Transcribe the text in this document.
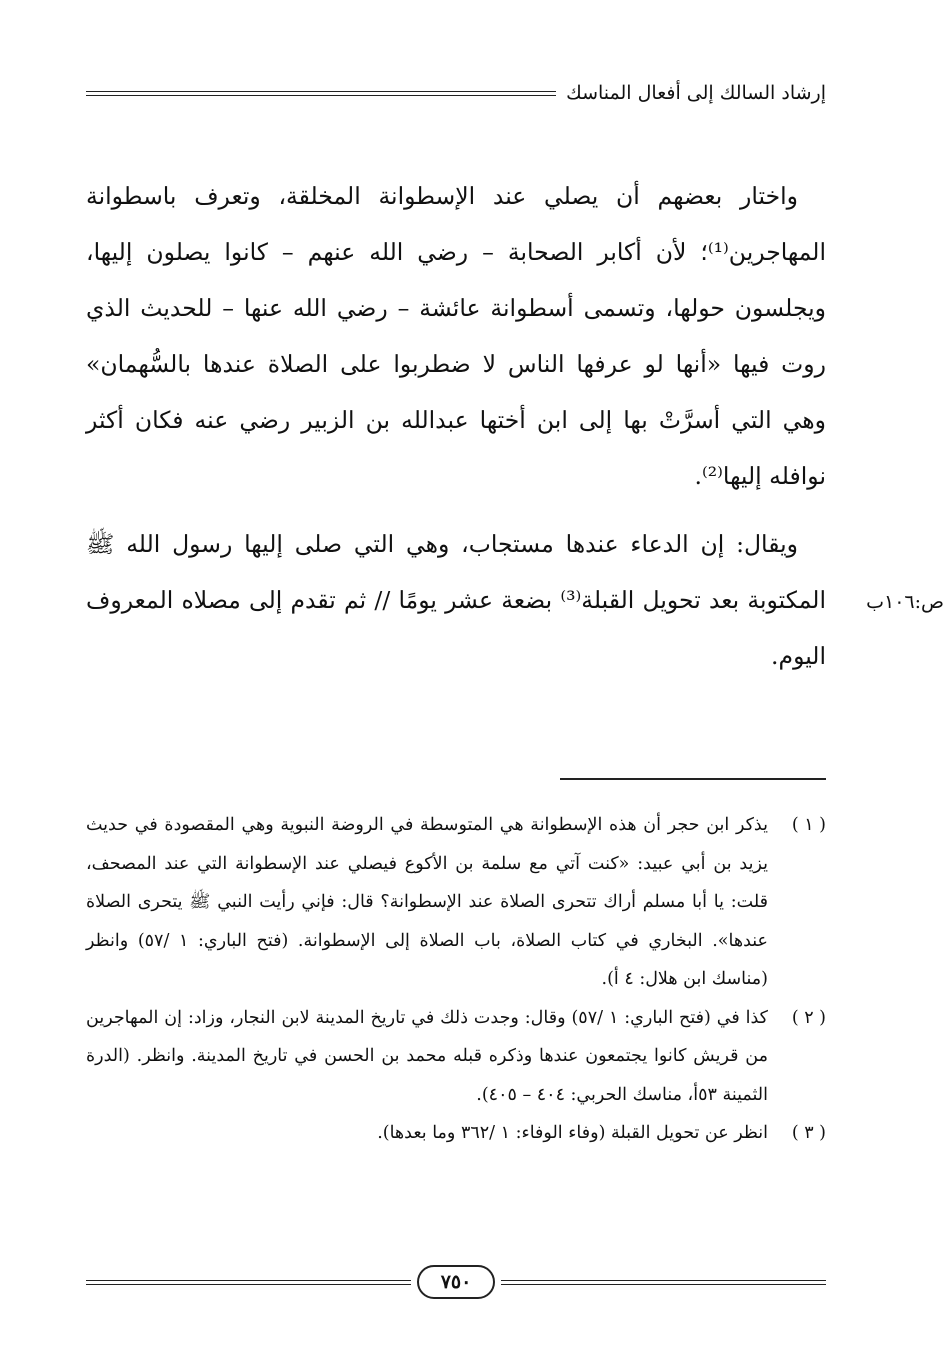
إرشاد السالك إلى أفعال المناسك

واختار بعضهم أن يصلي عند الإسطوانة المخلقة، وتعرف باسطوانة المهاجرين⁽¹⁾؛ لأن أكابر الصحابة – رضي الله عنهم – كانوا يصلون إليها، ويجلسون حولها، وتسمى أسطوانة عائشة – رضي الله عنها – للحديث الذي روت فيها «أنها لو عرفها الناس لا ضطربوا على الصلاة عندها بالسُّهمان» وهي التي أسرَّتْ بها إلى ابن أختها عبدالله بن الزبير رضي عنه فكان أكثر نوافله إليها⁽²⁾.

ويقال: إن الدعاء عندها مستجاب، وهي التي صلى إليها رسول الله ﷺ المكتوبة بعد تحويل القبلة⁽³⁾ بضعة عشر يومًا // ثم تقدم إلى مصلاه المعروف اليوم.

ص:١٠٦ب
( ١ )
يذكر ابن حجر أن هذه الإسطوانة هي المتوسطة في الروضة النبوية وهي المقصودة في حديث يزيد بن أبي عبيد: «كنت آتي مع سلمة بن الأكوع فيصلي عند الإسطوانة التي عند المصحف، قلت: يا أبا مسلم أراك تتحرى الصلاة عند الإسطوانة؟ قال: فإني رأيت النبي ﷺ يتحرى الصلاة عندها». البخاري في كتاب الصلاة، باب الصلاة إلى الإسطوانة. (فتح الباري: ١ /٥٧) وانظر (مناسك ابن هلال: ٤ أ).
( ٢ )
كذا في (فتح الباري: ١ /٥٧) وقال: وجدت ذلك في تاريخ المدينة لابن النجار، وزاد: إن المهاجرين من قريش كانوا يجتمعون عندها وذكره قبله محمد بن الحسن في تاريخ المدينة. وانظر. (الدرة الثمينة ٥٣أ، مناسك الحربي: ٤٠٤ – ٤٠٥).
( ٣ )
انظر عن تحويل القبلة (وفاء الوفاء: ١ /٣٦٢ وما بعدها).
٧٥٠
